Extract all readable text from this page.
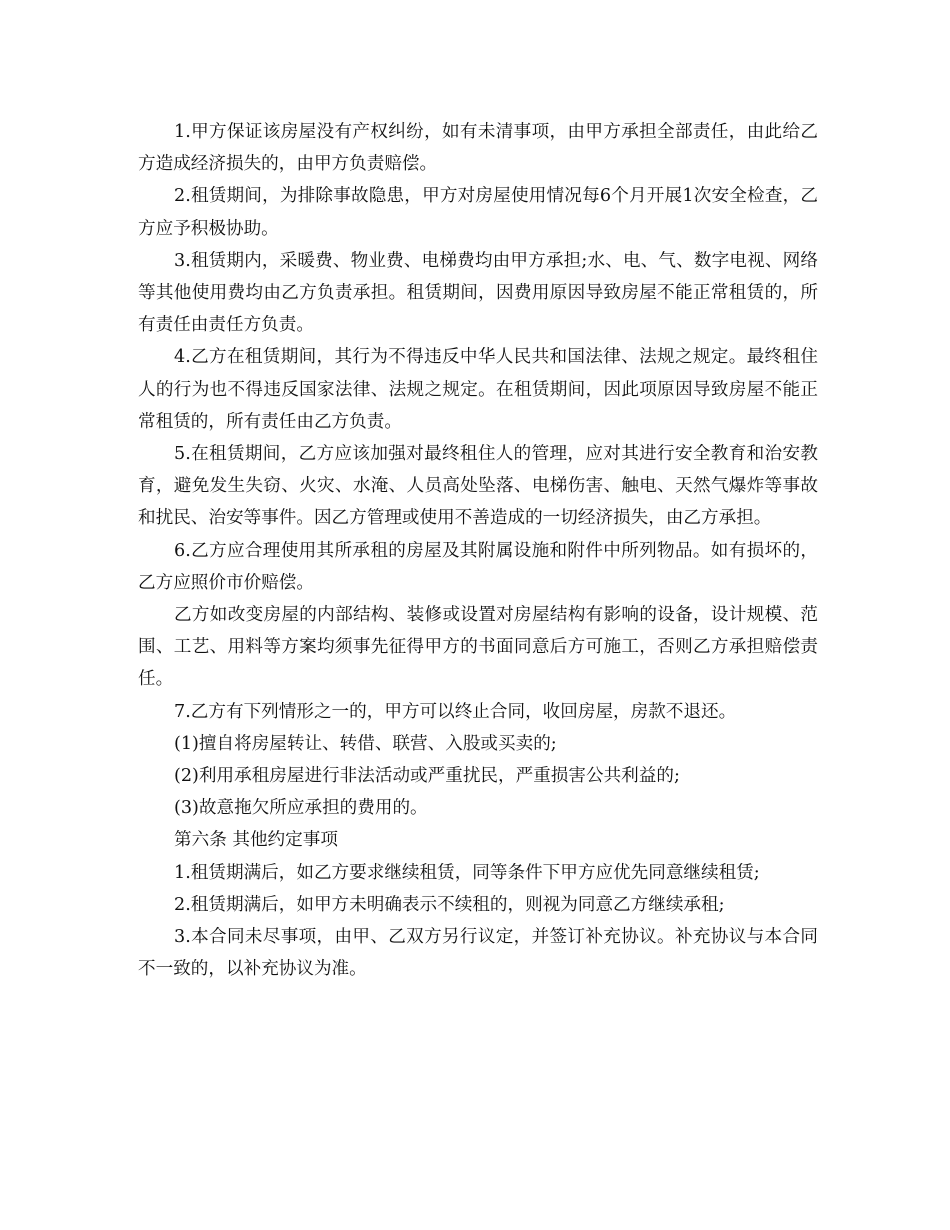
1.甲方保证该房屋没有产权纠纷，如有未清事项，由甲方承担全部责任，由此给乙方造成经济损失的，由甲方负责赔偿。

2.租赁期间，为排除事故隐患，甲方对房屋使用情况每6个月开展1次安全检查，乙方应予积极协助。

3.租赁期内，采暖费、物业费、电梯费均由甲方承担;水、电、气、数字电视、网络等其他使用费均由乙方负责承担。租赁期间，因费用原因导致房屋不能正常租赁的，所有责任由责任方负责。

4.乙方在租赁期间，其行为不得违反中华人民共和国法律、法规之规定。最终租住人的行为也不得违反国家法律、法规之规定。在租赁期间，因此项原因导致房屋不能正常租赁的，所有责任由乙方负责。

5.在租赁期间，乙方应该加强对最终租住人的管理，应对其进行安全教育和治安教育，避免发生失窃、火灾、水淹、人员高处坠落、电梯伤害、触电、天然气爆炸等事故和扰民、治安等事件。因乙方管理或使用不善造成的一切经济损失，由乙方承担。

6.乙方应合理使用其所承租的房屋及其附属设施和附件中所列物品。如有损坏的，乙方应照价市价赔偿。

乙方如改变房屋的内部结构、装修或设置对房屋结构有影响的设备，设计规模、范围、工艺、用料等方案均须事先征得甲方的书面同意后方可施工，否则乙方承担赔偿责任。

7.乙方有下列情形之一的，甲方可以终止合同，收回房屋，房款不退还。

(1)擅自将房屋转让、转借、联营、入股或买卖的;

(2)利用承租房屋进行非法活动或严重扰民，严重损害公共利益的;

(3)故意拖欠所应承担的费用的。

第六条 其他约定事项

1.租赁期满后，如乙方要求继续租赁，同等条件下甲方应优先同意继续租赁;

2.租赁期满后，如甲方未明确表示不续租的，则视为同意乙方继续承租;

3.本合同未尽事项，由甲、乙双方另行议定，并签订补充协议。补充协议与本合同不一致的，以补充协议为准。
